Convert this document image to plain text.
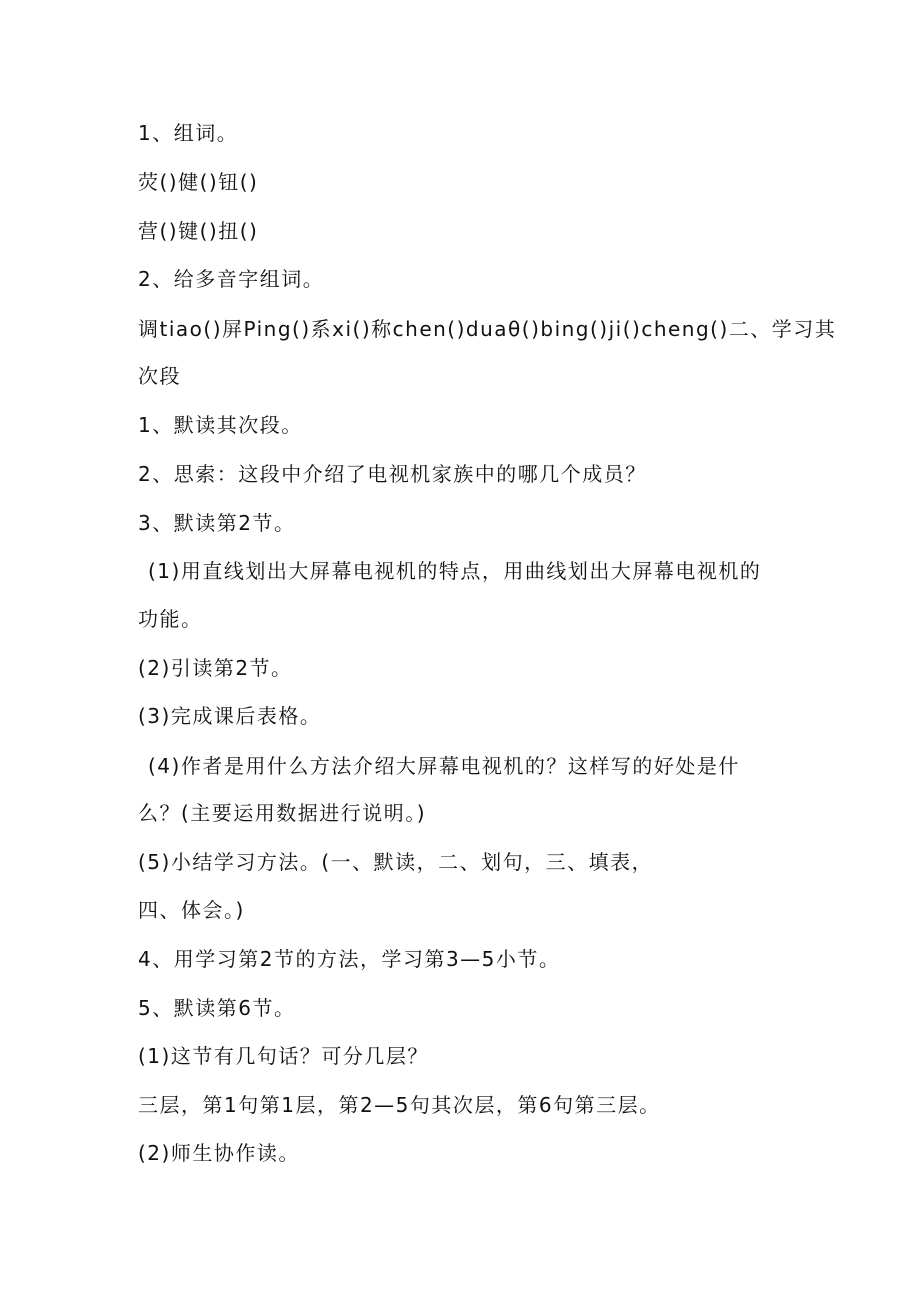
1、组词。
荧()健()钮()
营()键()扭()
2、给多音字组词。
调tiao()屏Ping()系xi()称chen()duaθ()bing()ji()cheng()二、学习其
次段
1、默读其次段。
2、思索：这段中介绍了电视机家族中的哪几个成员？
3、默读第2节。
(1)用直线划出大屏幕电视机的特点，用曲线划出大屏幕电视机的
功能。
(2)引读第2节。
(3)完成课后表格。
(4)作者是用什么方法介绍大屏幕电视机的？这样写的好处是什
么？(主要运用数据进行说明。)
(5)小结学习方法。(一、默读，二、划句，三、填表，
四、体会。)
4、用学习第2节的方法，学习第3—5小节。
5、默读第6节。
(1)这节有几句话？可分几层？
三层，第1句第1层，第2—5句其次层，第6句第三层。
(2)师生协作读。
